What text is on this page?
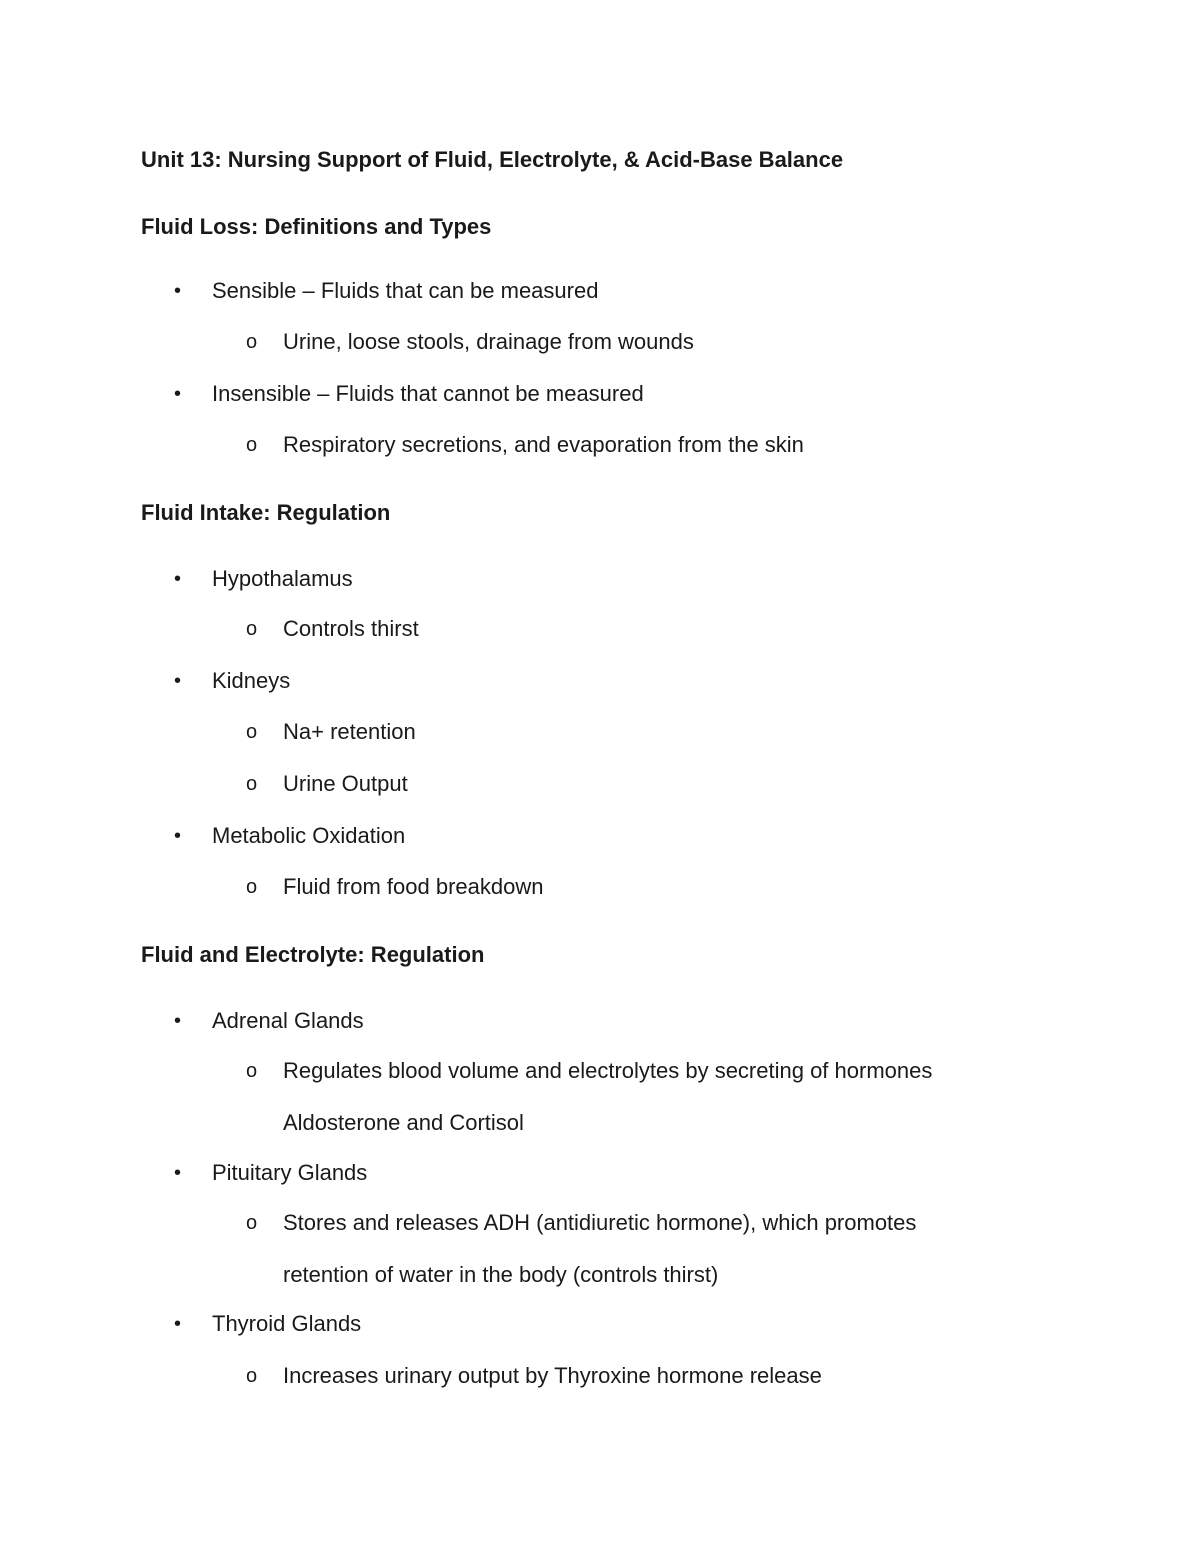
Unit 13: Nursing Support of Fluid, Electrolyte, & Acid-Base Balance
Fluid Loss: Definitions and Types
• Sensible – Fluids that can be measured
o Urine, loose stools, drainage from wounds
• Insensible – Fluids that cannot be measured
o Respiratory secretions, and evaporation from the skin
Fluid Intake: Regulation
• Hypothalamus
o Controls thirst
• Kidneys
o Na+ retention
o Urine Output
• Metabolic Oxidation
o Fluid from food breakdown
Fluid and Electrolyte: Regulation
• Adrenal Glands
o Regulates blood volume and electrolytes by secreting of hormones
Aldosterone and Cortisol
• Pituitary Glands
o Stores and releases ADH (antidiuretic hormone), which promotes
retention of water in the body (controls thirst)
• Thyroid Glands
o Increases urinary output by Thyroxine hormone release
